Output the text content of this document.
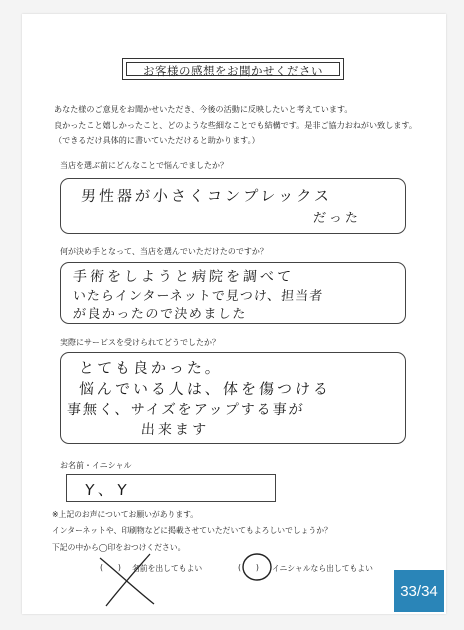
お客様の感想をお聞かせください
あなた様のご意見をお聞かせいただき、今後の活動に反映したいと考えています。
良かったこと嬉しかったこと、どのような些細なことでも結構です。是非ご協力おねがい致します。
（できるだけ具体的に書いていただけると助かります。）
当店を選ぶ前にどんなことで悩んでましたか？
男性器が小さくコンプレックス
だった
何が決め手となって、当店を選んでいただけたのですか？
手術をしようと病院を調べて
いたらインターネットで見つけ、担当者
が良かったので決めました
実際にサービスを受けられてどうでしたか？
とても良かった。
悩んでいる人は、体を傷つける
事無く、サイズをアップする事が
出来ます
お名前・イニシャル
Y、Y
※上記のお声についてお願いがあります。
インターネットや、印刷物などに掲載させていただいてもよろしいでしょうか？
下記の中から◯印をおつけください。
(      ) 名前を出してもよい	(      ) イニシャルなら出してもよい
33/34
